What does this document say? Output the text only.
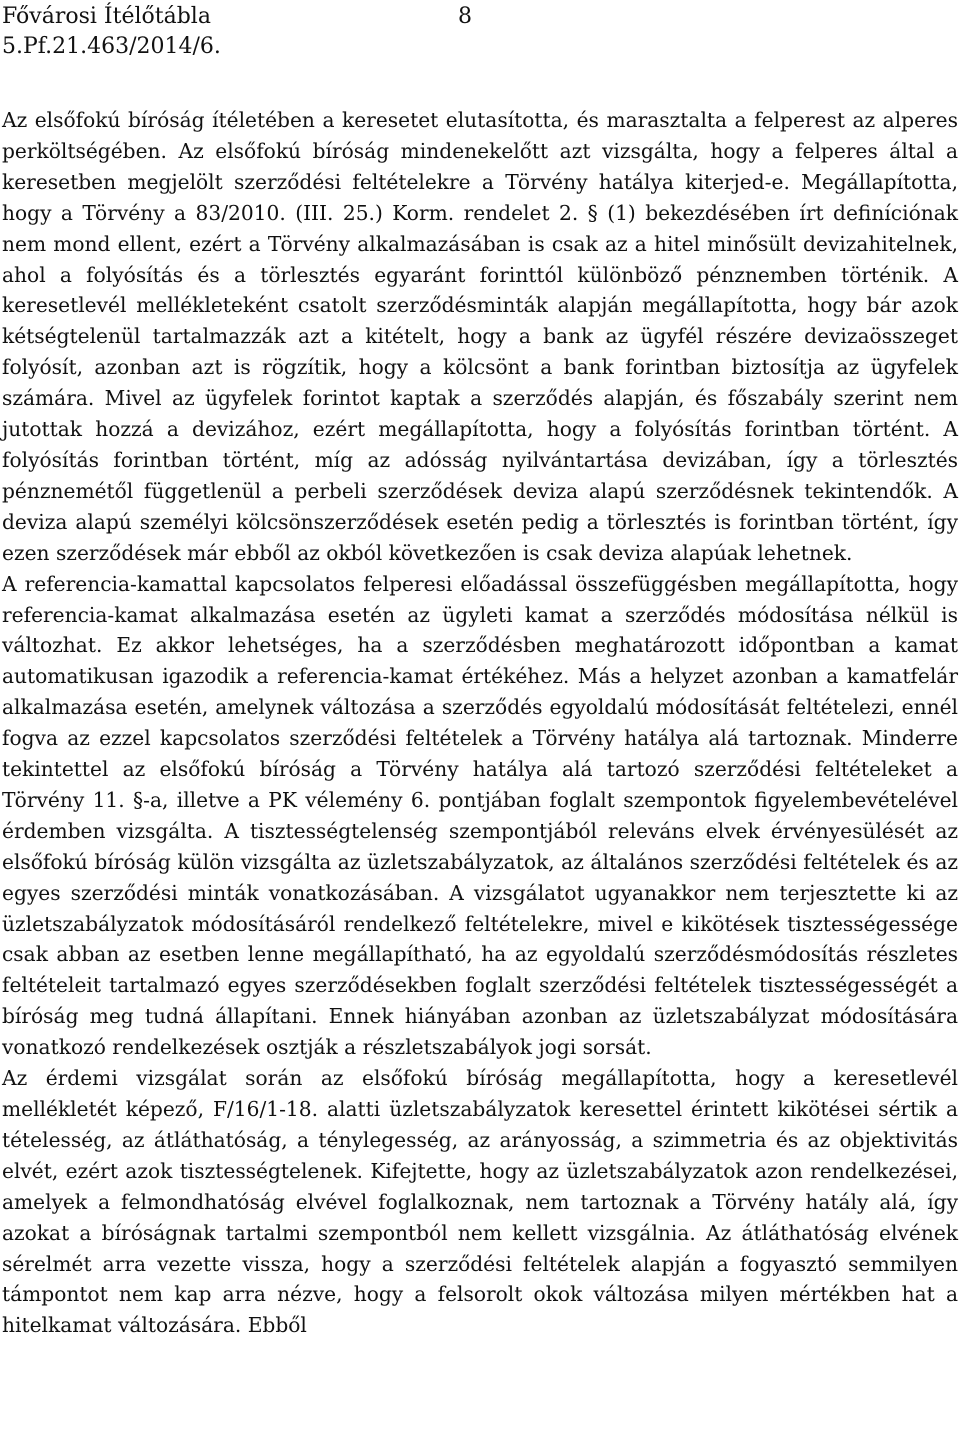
Fővárosi Ítélőtábla	8
5.Pf.21.463/2014/6.

Az elsőfokú bíróság ítéletében a keresetet elutasította, és marasztalta a felperest az alperes perköltségében. Az elsőfokú bíróság mindenekelőtt azt vizsgálta, hogy a felperes által a keresetben megjelölt szerződési feltételekre a Törvény hatálya kiterjed-e. Megállapította, hogy a Törvény a 83/2010. (III. 25.) Korm. rendelet 2. § (1) bekezdésében írt definíciónak nem mond ellent, ezért a Törvény alkalmazásában is csak az a hitel minősült devizahitelnek, ahol a folyósítás és a törlesztés egyaránt forinttól különböző pénznemben történik. A keresetlevél mellékleteként csatolt szerződésminták alapján megállapította, hogy bár azok kétségtelenül tartalmazzák azt a kitételt, hogy a bank az ügyfél részére devizaösszeget folyósít, azonban azt is rögzítik, hogy a kölcsönt a bank forintban biztosítja az ügyfelek számára. Mivel az ügyfelek forintot kaptak a szerződés alapján, és főszabály szerint nem jutottak hozzá a devizához, ezért megállapította, hogy a folyósítás forintban történt. A folyósítás forintban történt, míg az adósság nyilvántartása devizában, így a törlesztés pénznemétől függetlenül a perbeli szerződések deviza alapú szerződésnek tekintendők. A deviza alapú személyi kölcsönszerződések esetén pedig a törlesztés is forintban történt, így ezen szerződések már ebből az okból következően is csak deviza alapúak lehetnek.

A referencia-kamattal kapcsolatos felperesi előadással összefüggésben megállapította, hogy referencia-kamat alkalmazása esetén az ügyleti kamat a szerződés módosítása nélkül is változhat. Ez akkor lehetséges, ha a szerződésben meghatározott időpontban a kamat automatikusan igazodik a referencia-kamat értékéhez. Más a helyzet azonban a kamatfelár alkalmazása esetén, amelynek változása a szerződés egyoldalú módosítását feltételezi, ennél fogva az ezzel kapcsolatos szerződési feltételek a Törvény hatálya alá tartoznak. Minderre tekintettel az elsőfokú bíróság a Törvény hatálya alá tartozó szerződési feltételeket a Törvény 11. §-a, illetve a PK vélemény 6. pontjában foglalt szempontok figyelembevételével érdemben vizsgálta. A tisztességtelenség szempontjából releváns elvek érvényesülését az elsőfokú bíróság külön vizsgálta az üzletszabályzatok, az általános szerződési feltételek és az egyes szerződési minták vonatkozásában. A vizsgálatot ugyanakkor nem terjesztette ki az üzletszabályzatok módosításáról rendelkező feltételekre, mivel e kikötések tisztességessége csak abban az esetben lenne megállapítható, ha az egyoldalú szerződésmódosítás részletes feltételeit tartalmazó egyes szerződésekben foglalt szerződési feltételek tisztességességét a bíróság meg tudná állapítani. Ennek hiányában azonban az üzletszabályzat módosítására vonatkozó rendelkezések osztják a részletszabályok jogi sorsát.

Az érdemi vizsgálat során az elsőfokú bíróság megállapította, hogy a keresetlevél mellékletét képező, F/16/1-18. alatti üzletszabályzatok keresettel érintett kikötései sértik a tételesség, az átláthatóság, a ténylegesség, az arányosság, a szimmetria és az objektivitás elvét, ezért azok tisztességtelenek. Kifejtette, hogy az üzletszabályzatok azon rendelkezései, amelyek a felmondhatóság elvével foglalkoznak, nem tartoznak a Törvény hatály alá, így azokat a bíróságnak tartalmi szempontból nem kellett vizsgálnia. Az átláthatóság elvének sérelmét arra vezette vissza, hogy a szerződési feltételek alapján a fogyasztó semmilyen támpontot nem kap arra nézve, hogy a felsorolt okok változása milyen mértékben hat a hitelkamat változására. Ebből
